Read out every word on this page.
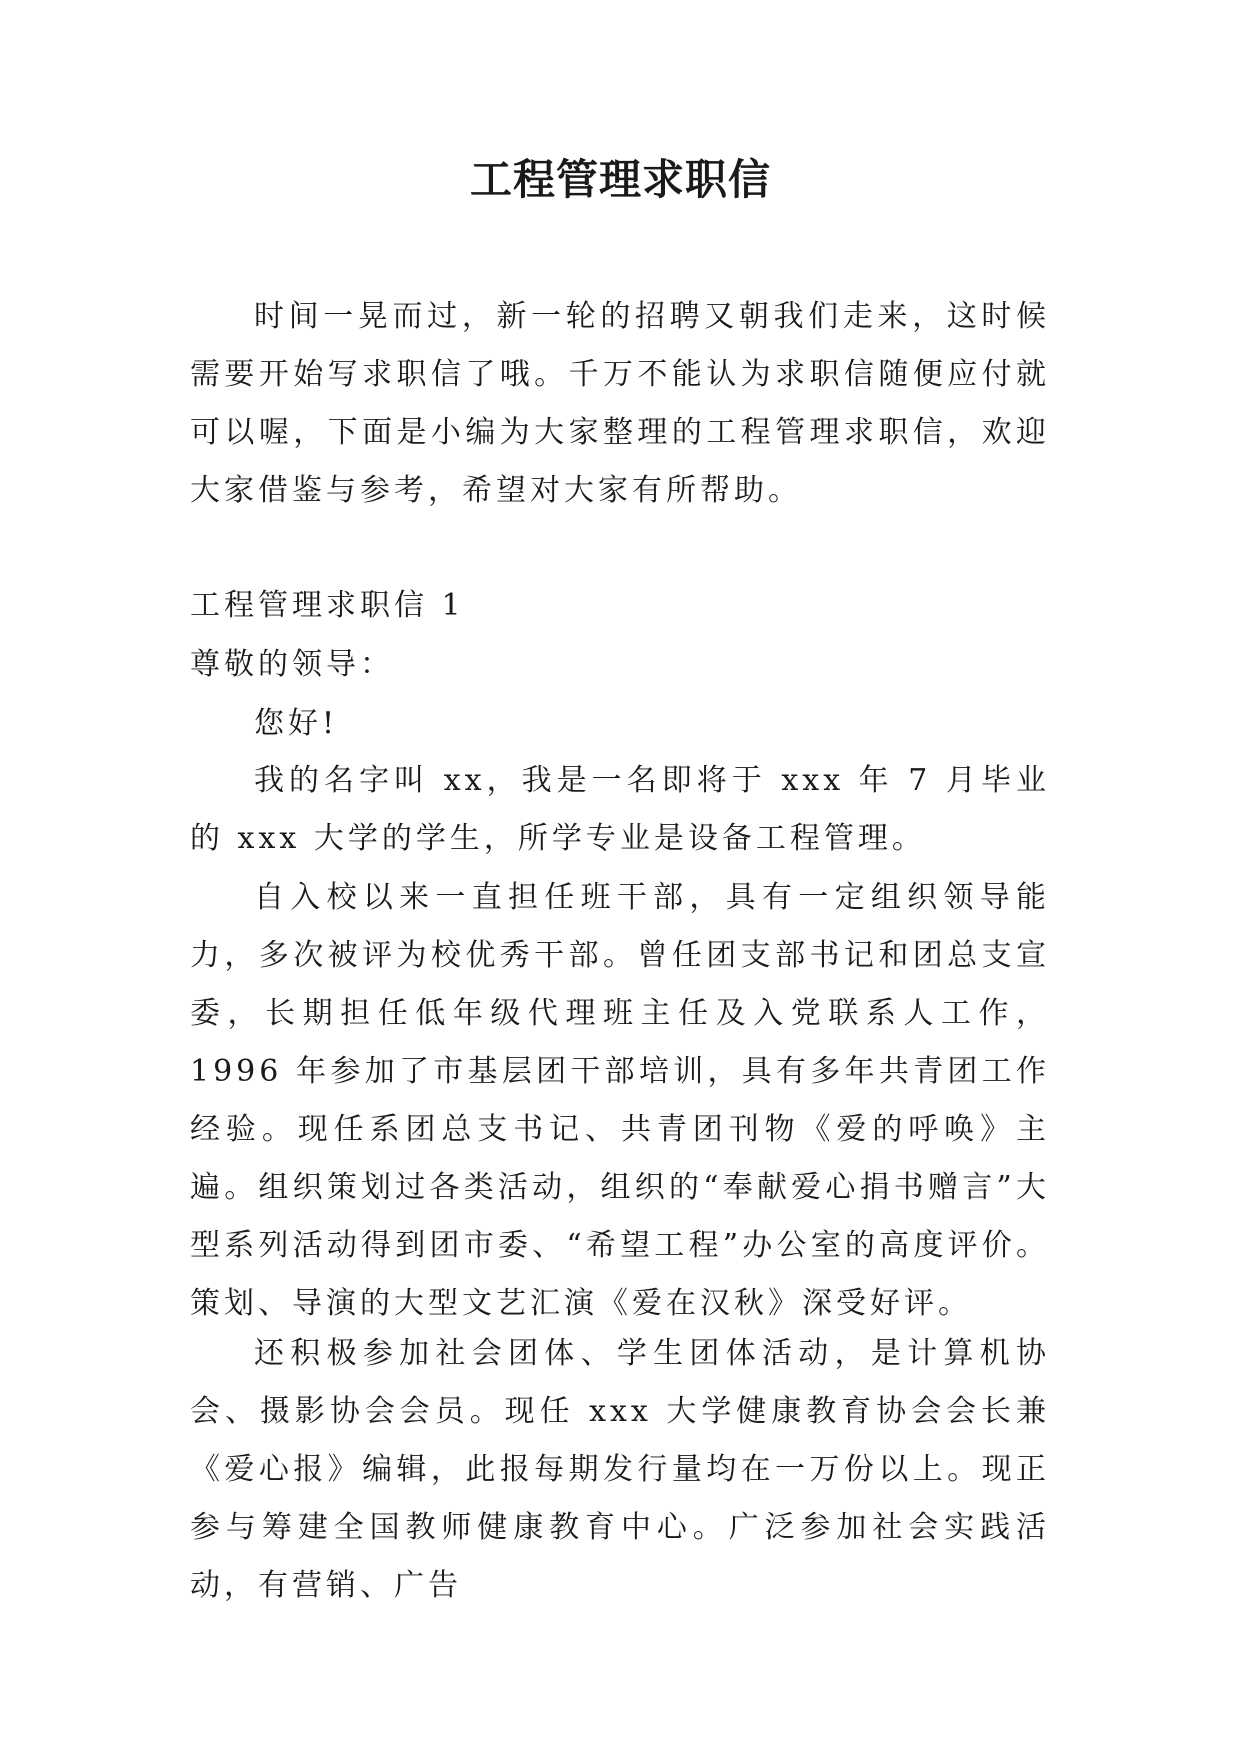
工程管理求职信

时间一晃而过，新一轮的招聘又朝我们走来，这时候需要开始写求职信了哦。千万不能认为求职信随便应付就可以喔，下面是小编为大家整理的工程管理求职信，欢迎大家借鉴与参考，希望对大家有所帮助。

工程管理求职信 1

尊敬的领导：

您好!

我的名字叫 xx，我是一名即将于 xxx 年 7 月毕业的 xxx 大学的学生，所学专业是设备工程管理。

自入校以来一直担任班干部，具有一定组织领导能力，多次被评为校优秀干部。曾任团支部书记和团总支宣委，长期担任低年级代理班主任及入党联系人工作，1996 年参加了市基层团干部培训，具有多年共青团工作经验。现任系团总支书记、共青团刊物《爱的呼唤》主遍。组织策划过各类活动，组织的“奉献爱心捐书赠言”大型系列活动得到团市委、“希望工程”办公室的高度评价。策划、导演的大型文艺汇演《爱在汉秋》深受好评。

还积极参加社会团体、学生团体活动，是计算机协会、摄影协会会员。现任 xxx 大学健康教育协会会长兼《爱心报》编辑，此报每期发行量均在一万份以上。现正参与筹建全国教师健康教育中心。广泛参加社会实践活动，有营销、广告
